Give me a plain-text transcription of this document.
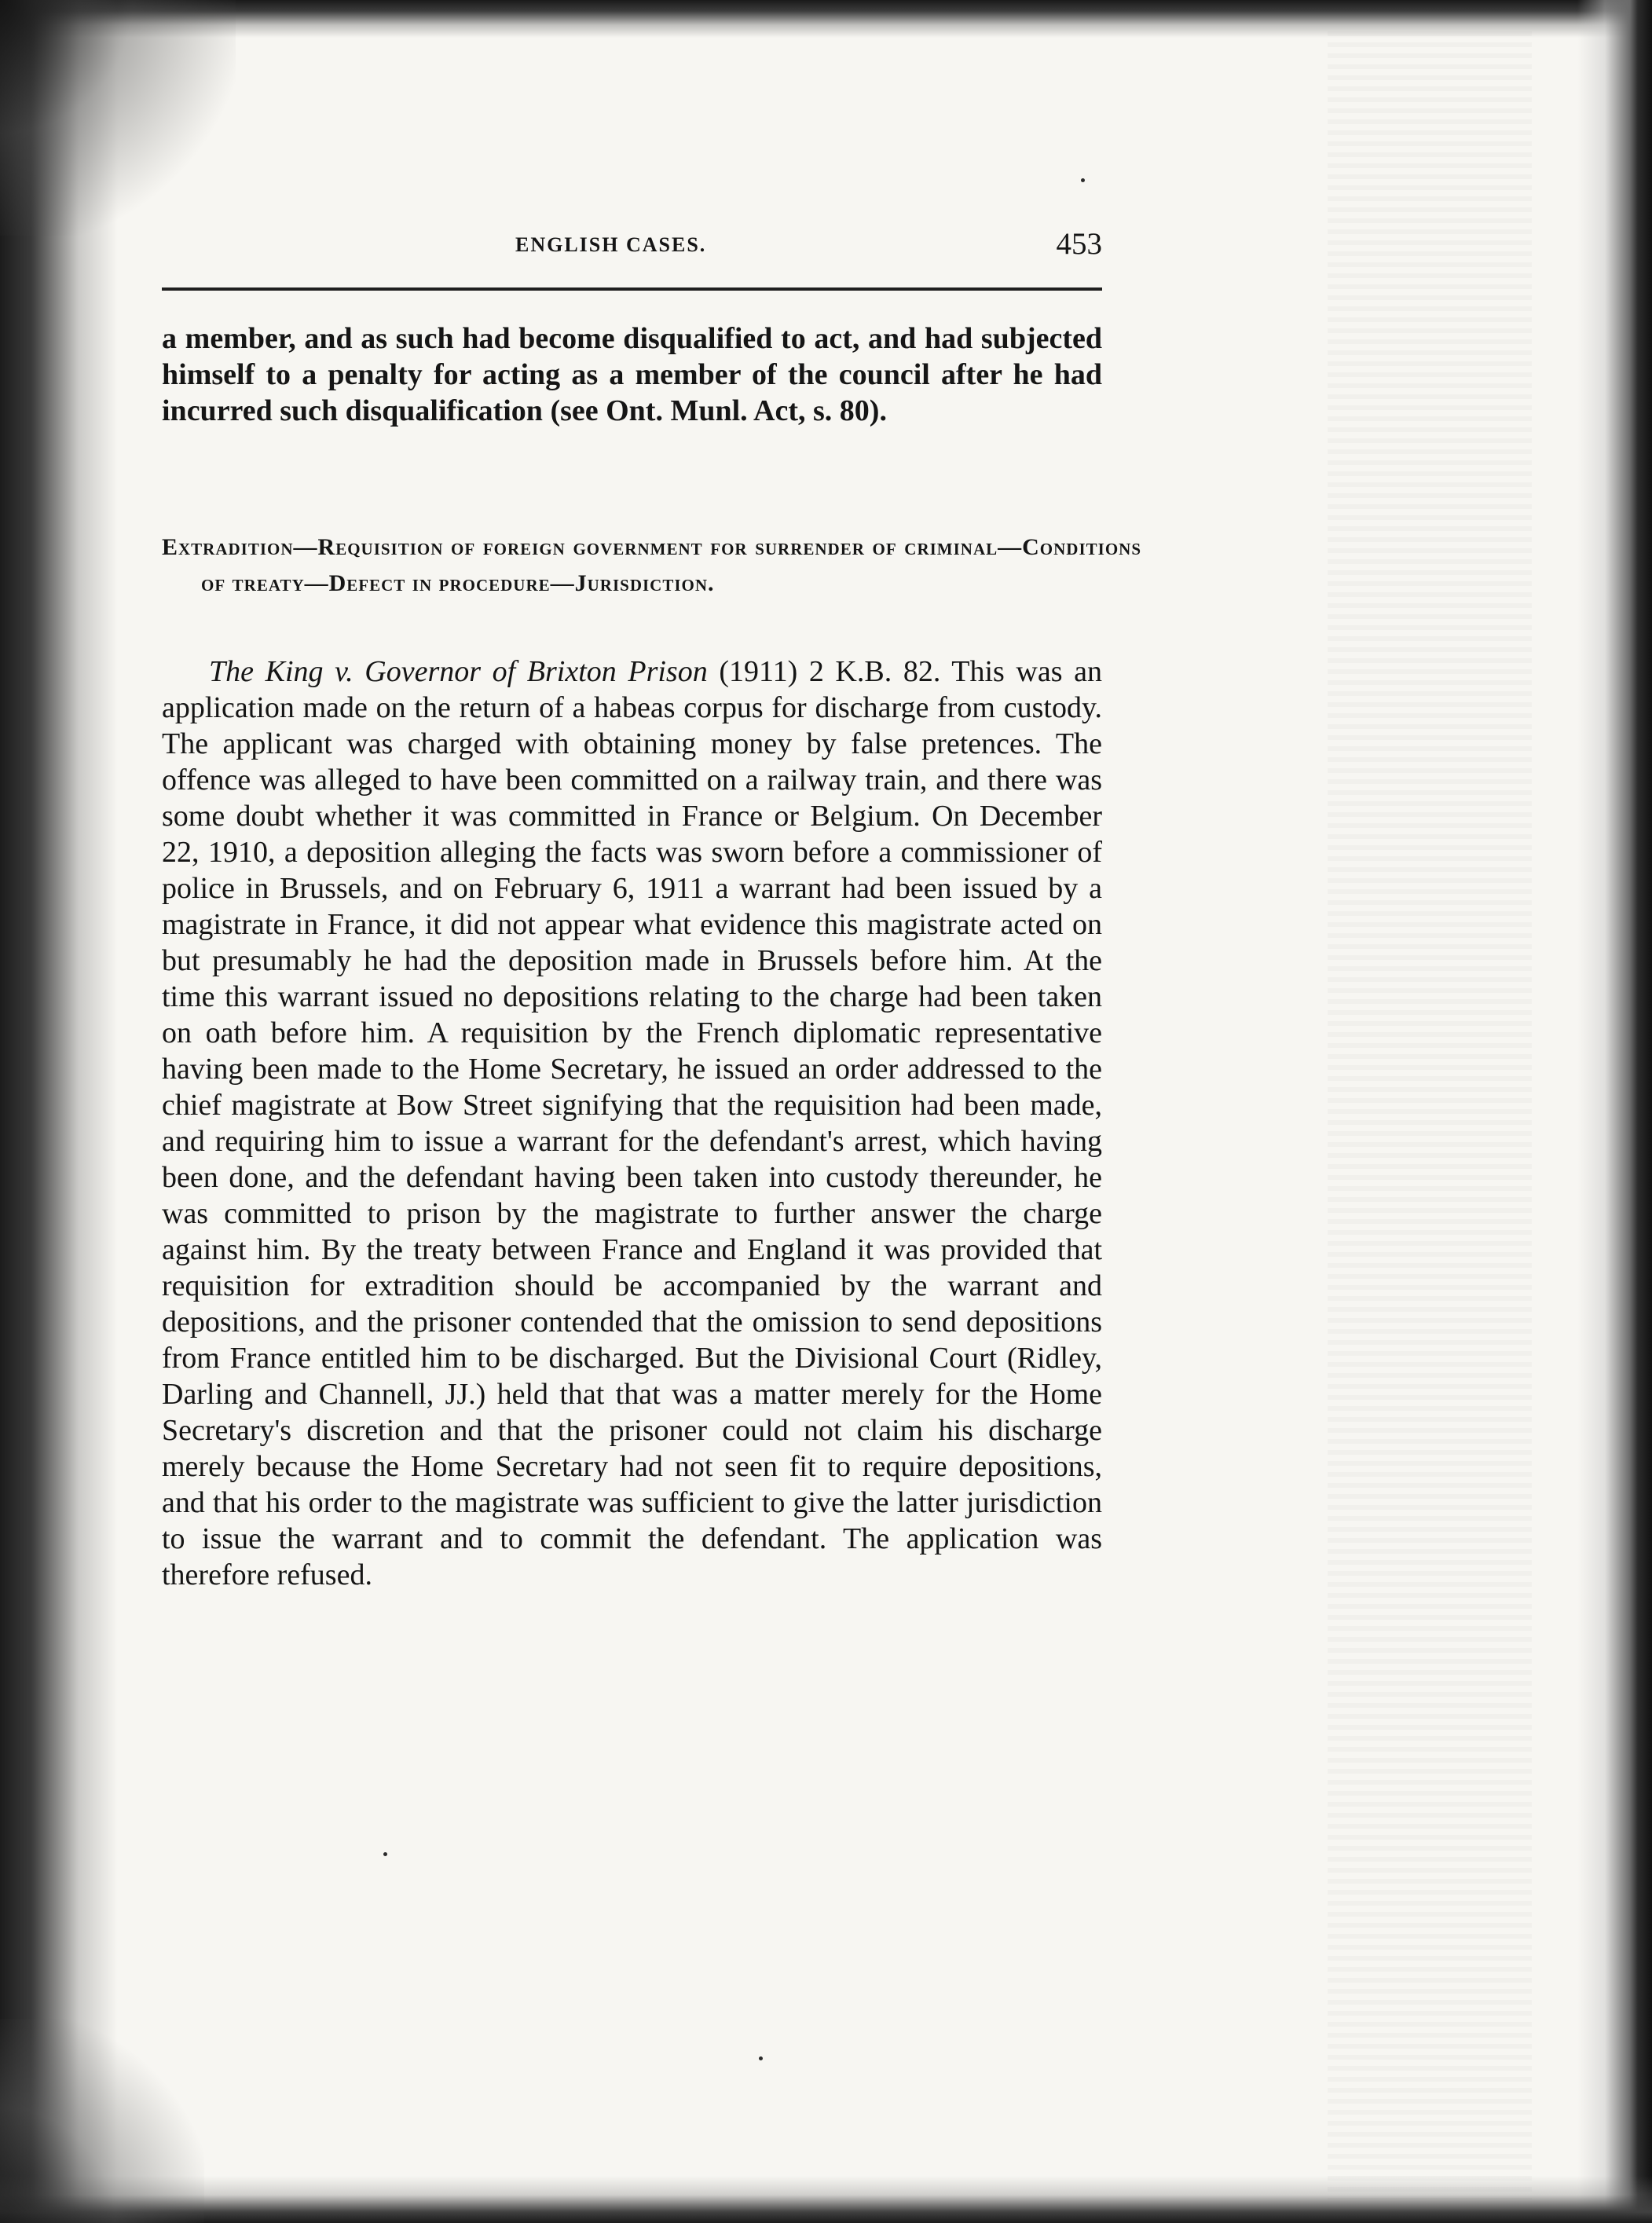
ENGLISH CASES.	453

a member, and as such had become disqualified to act, and had subjected himself to a penalty for acting as a member of the council after he had incurred such disqualification (see Ont. Munl. Act, s. 80).

Extradition—Requisition of foreign government for surrender of criminal—Conditions of treaty—Defect in procedure—Jurisdiction.

The King v. Governor of Brixton Prison (1911) 2 K.B. 82. This was an application made on the return of a habeas corpus for discharge from custody. The applicant was charged with obtaining money by false pretences. The offence was alleged to have been committed on a railway train, and there was some doubt whether it was committed in France or Belgium. On December 22, 1910, a deposition alleging the facts was sworn before a commissioner of police in Brussels, and on February 6, 1911 a warrant had been issued by a magistrate in France, it did not appear what evidence this magistrate acted on but presumably he had the deposition made in Brussels before him. At the time this warrant issued no depositions relating to the charge had been taken on oath before him. A requisition by the French diplomatic representative having been made to the Home Secretary, he issued an order addressed to the chief magistrate at Bow Street signifying that the requisition had been made, and requiring him to issue a warrant for the defendant's arrest, which having been done, and the defendant having been taken into custody thereunder, he was committed to prison by the magistrate to further answer the charge against him. By the treaty between France and England it was provided that requisition for extradition should be accompanied by the warrant and depositions, and the prisoner contended that the omission to send depositions from France entitled him to be discharged. But the Divisional Court (Ridley, Darling and Channell, JJ.) held that that was a matter merely for the Home Secretary's discretion and that the prisoner could not claim his discharge merely because the Home Secretary had not seen fit to require depositions, and that his order to the magistrate was sufficient to give the latter jurisdiction to issue the warrant and to commit the defendant. The application was therefore refused.
